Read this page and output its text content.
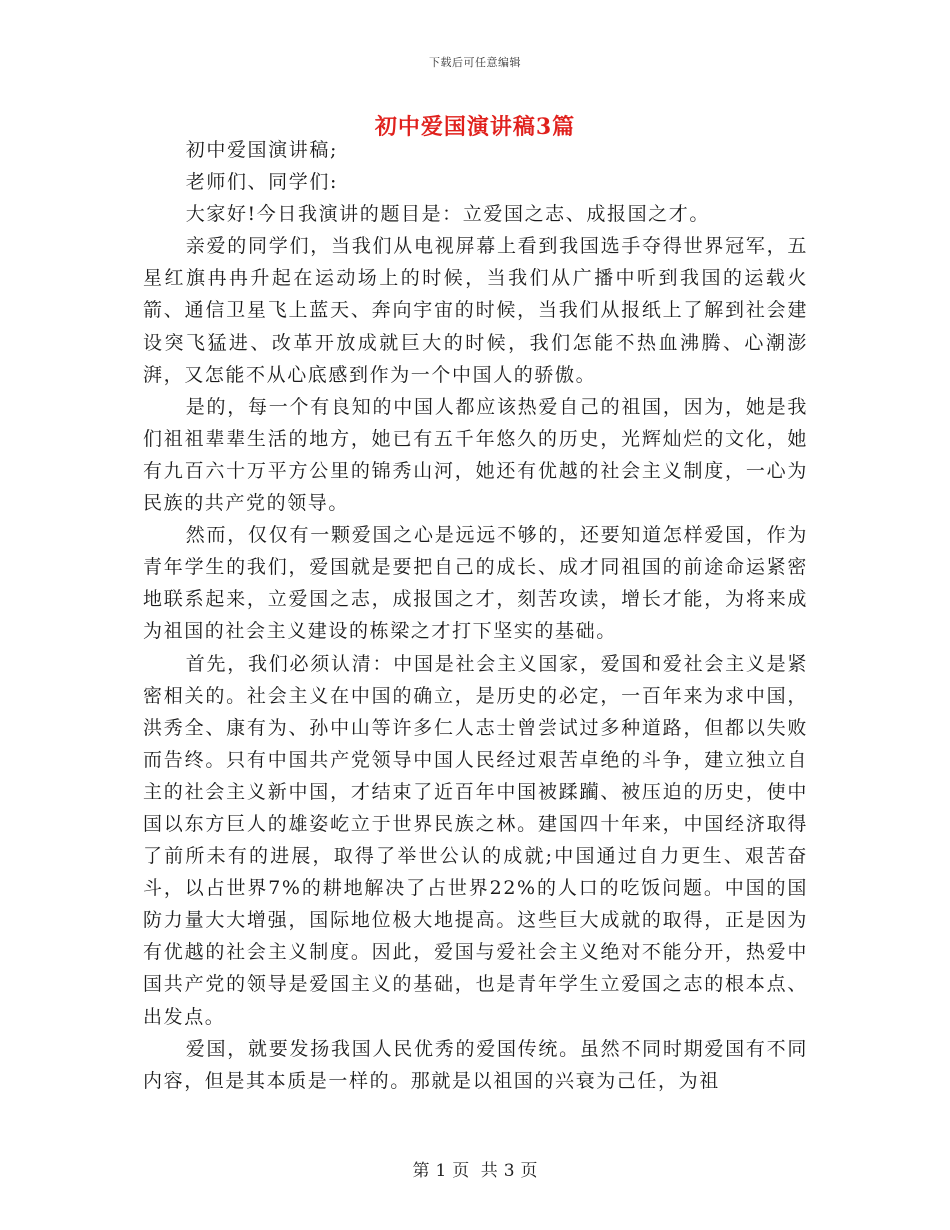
下载后可任意编辑
初中爱国演讲稿3篇

初中爱国演讲稿;

老师们、同学们:

大家好!今日我演讲的题目是：立爱国之志、成报国之才。

亲爱的同学们，当我们从电视屏幕上看到我国选手夺得世界冠军，五星红旗冉冉升起在运动场上的时候，当我们从广播中听到我国的运载火箭、通信卫星飞上蓝天、奔向宇宙的时候，当我们从报纸上了解到社会建设突飞猛进、改革开放成就巨大的时候，我们怎能不热血沸腾、心潮澎湃，又怎能不从心底感到作为一个中国人的骄傲。

是的，每一个有良知的中国人都应该热爱自己的祖国，因为，她是我们祖祖辈辈生活的地方，她已有五千年悠久的历史，光辉灿烂的文化，她有九百六十万平方公里的锦秀山河，她还有优越的社会主义制度，一心为民族的共产党的领导。

然而，仅仅有一颗爱国之心是远远不够的，还要知道怎样爱国，作为青年学生的我们，爱国就是要把自己的成长、成才同祖国的前途命运紧密地联系起来，立爱国之志，成报国之才，刻苦攻读，增长才能，为将来成为祖国的社会主义建设的栋梁之才打下坚实的基础。

首先，我们必须认清：中国是社会主义国家，爱国和爱社会主义是紧密相关的。社会主义在中国的确立，是历史的必定，一百年来为求中国，洪秀全、康有为、孙中山等许多仁人志士曾尝试过多种道路，但都以失败而告终。只有中国共产党领导中国人民经过艰苦卓绝的斗争，建立独立自主的社会主义新中国，才结束了近百年中国被蹂躏、被压迫的历史，使中国以东方巨人的雄姿屹立于世界民族之林。建国四十年来，中国经济取得了前所未有的进展，取得了举世公认的成就;中国通过自力更生、艰苦奋斗，以占世界7%的耕地解决了占世界22%的人口的吃饭问题。中国的国防力量大大增强，国际地位极大地提高。这些巨大成就的取得，正是因为有优越的社会主义制度。因此，爱国与爱社会主义绝对不能分开，热爱中国共产党的领导是爱国主义的基础，也是青年学生立爱国之志的根本点、出发点。

爱国，就要发扬我国人民优秀的爱国传统。虽然不同时期爱国有不同内容，但是其本质是一样的。那就是以祖国的兴衰为己任，为祖

第 1 页 共 3 页
